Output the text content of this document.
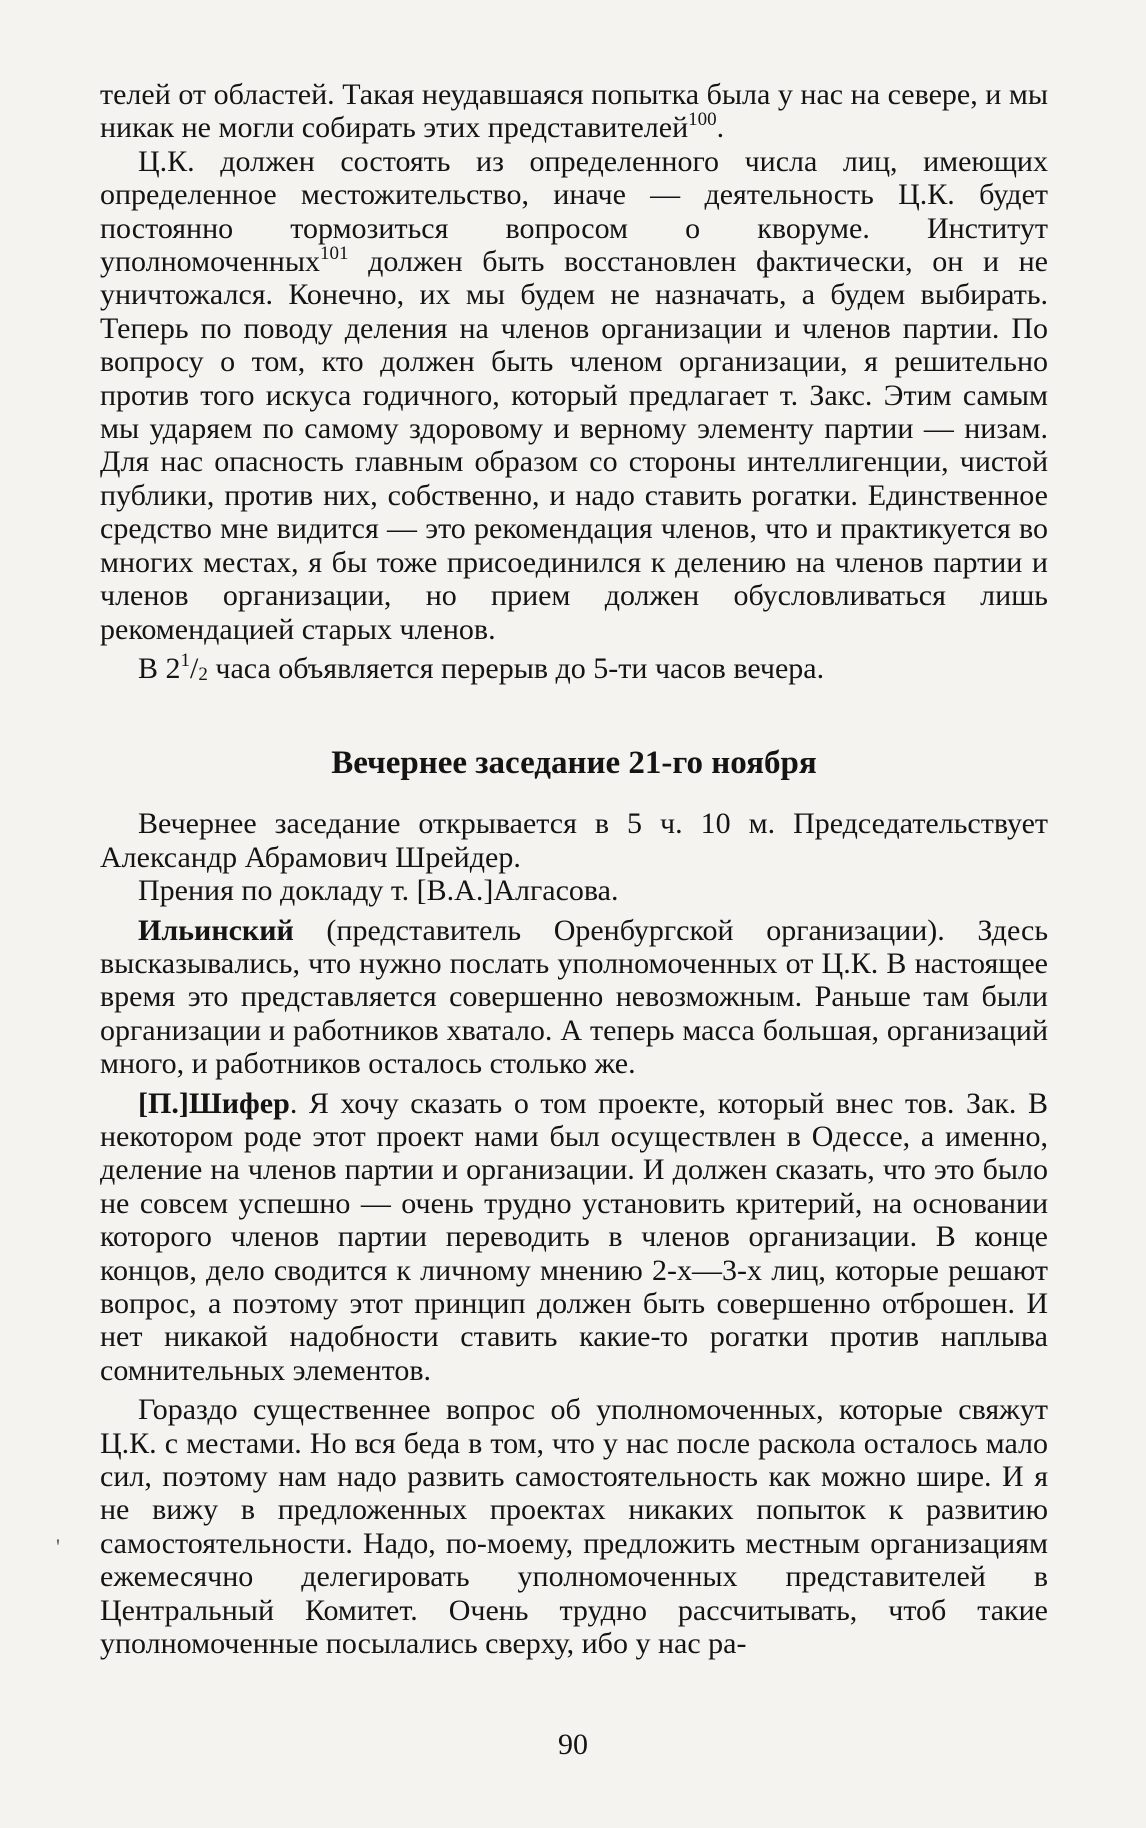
'

телей от областей. Такая неудавшаяся попытка была у нас на севере, и мы никак не могли собирать этих представителей$^{100}$.

Ц.К. должен состоять из определенного числа лиц, имеющих определенное местожительство, иначе — деятельность Ц.К. будет постоянно тормозиться вопросом о кворуме. Институт уполномоченных$^{101}$ должен быть восстановлен фактически, он и не уничтожался. Конечно, их мы будем не назначать, а будем выбирать. Теперь по поводу деления на членов организации и членов партии. По вопросу о том, кто должен быть членом организации, я решительно против того искуса годичного, который предлагает т. Закс. Этим самым мы ударяем по самому здоровому и верному элементу партии — низам. Для нас опасность главным образом со стороны интеллигенции, чистой публики, против них, собственно, и надо ставить рогатки. Единственное средство мне видится — это рекомендация членов, что и практикуется во многих местах, я бы тоже присоединился к делению на членов партии и членов организации, но прием должен обусловливаться лишь рекомендацией старых членов.

В $2^1/2$ часа объявляется перерыв до 5-ти часов вечера.

Вечернее заседание 21-го ноября

Вечернее заседание открывается в 5 ч. 10 м. Председательствует Александр Абрамович Шрейдер.

Прения по докладу т. [В.А.]Алгасова.

Ильинский (представитель Оренбургской организации). Здесь высказывались, что нужно послать уполномоченных от Ц.К. В настоящее время это представляется совершенно невозможным. Раньше там были организации и работников хватало. А теперь масса большая, организаций много, и работников осталось столько же.

[П.]Шифер. Я хочу сказать о том проекте, который внес тов. Зак. В некотором роде этот проект нами был осуществлен в Одессе, а именно, деление на членов партии и организации. И должен сказать, что это было не совсем успешно — очень трудно установить критерий, на основании которого членов партии переводить в членов организации. В конце концов, дело сводится к личному мнению 2-х—3-х лиц, которые решают вопрос, а поэтому этот принцип должен быть совершенно отброшен. И нет никакой надобности ставить какие-то рогатки против наплыва сомнительных элементов.

Гораздо существеннее вопрос об уполномоченных, которые свяжут Ц.К. с местами. Но вся беда в том, что у нас после раскола осталось мало сил, поэтому нам надо развить самостоятельность как можно шире. И я не вижу в предложенных проектах никаких попыток к развитию самостоятельности. Надо, по-моему, предложить местным организациям ежемесячно делегировать уполномоченных представителей в Центральный Комитет. Очень трудно рассчитывать, чтоб такие уполномоченные посылались сверху, ибо у нас ра-

90
